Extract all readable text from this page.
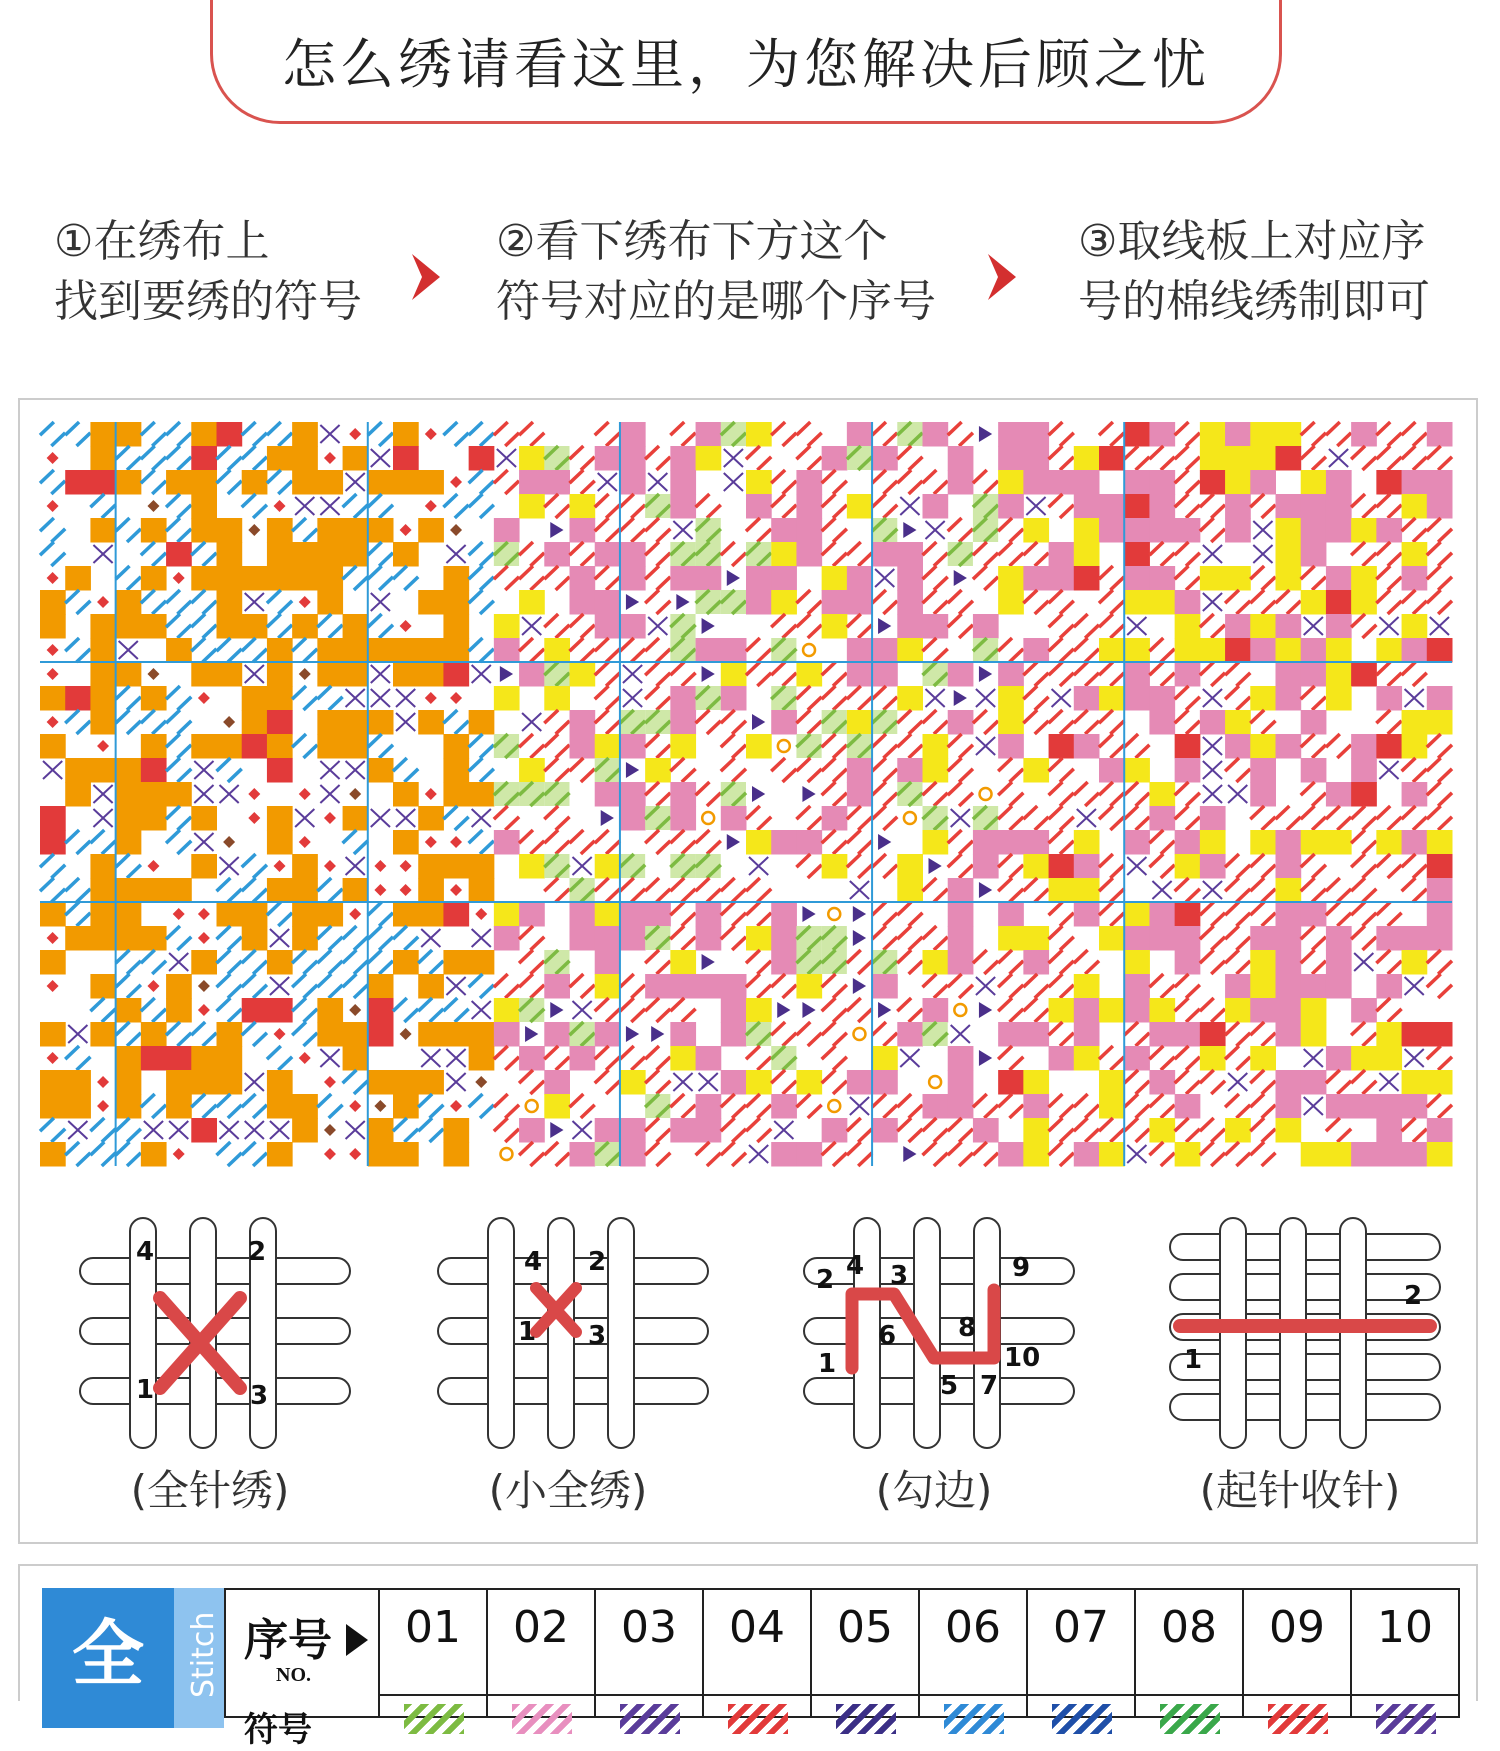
怎么绣请看这里，为您解决后顾之忧
①在绣布上
找到要绣的符号
②看下绣布下方这个
符号对应的是哪个序号
③取线板上对应序
号的棉线绣制即可
4	2
1	3
(全针绣)
4 2
1 3
(小全绣)
2 4 3	9
6 8
1	10
5 7
(勾边)
2
1
(起针收针)
全 Stitch 序号
NO.
符号
01	02	03	04	05	06	07	08	09	10
